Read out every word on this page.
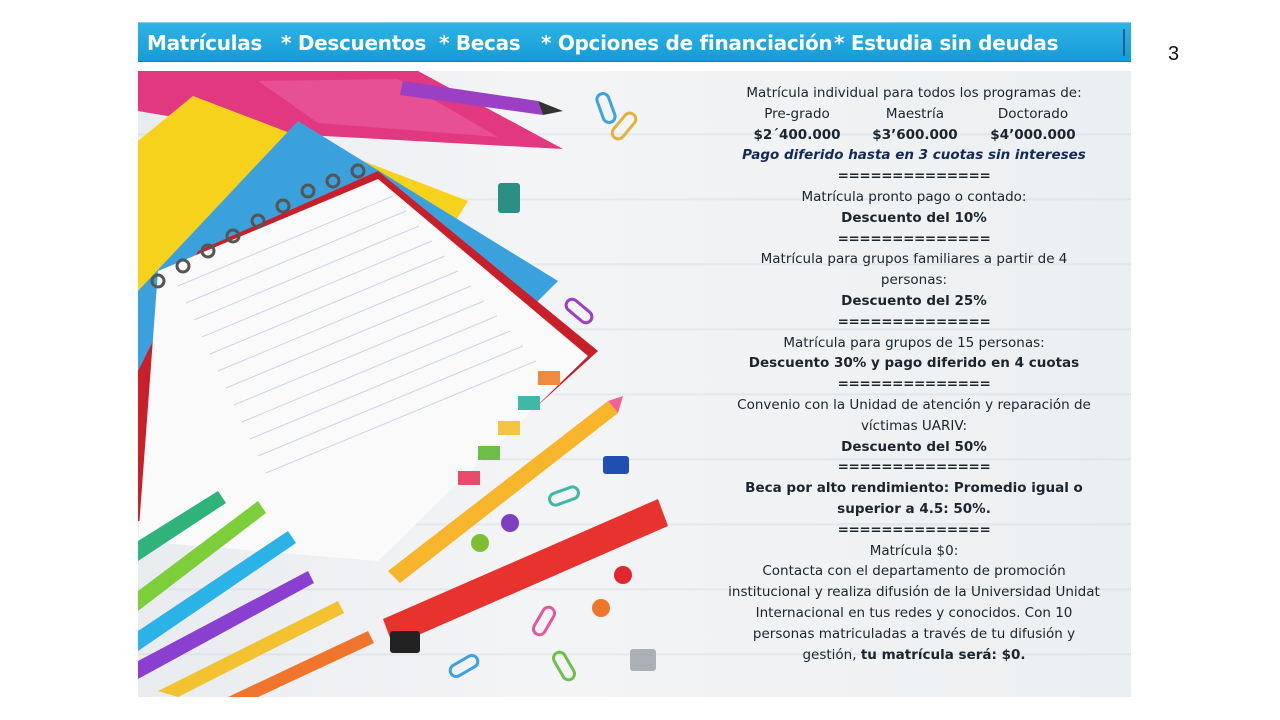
Matrículas * Descuentos * Becas * Opciones de financiación * Estudia sin deudas	3
Matrícula individual para todos los programas de:
Pre-grado	Maestría	Doctorado
$2´400.000	$3’600.000	$4’000.000
Pago diferido hasta en 3 cuotas sin intereses
==============
Matrícula pronto pago o contado:
Descuento del 10%
==============
Matrícula para grupos familiares a partir de 4 personas:
Descuento del 25%
==============
Matrícula para grupos de 15 personas:
Descuento 30% y pago diferido en 4 cuotas
==============
Convenio con la Unidad de atención y reparación de víctimas UARIV:
Descuento del 50%
==============
Beca por alto rendimiento: Promedio igual o superior a 4.5: 50%.
==============
Matrícula $0:
Contacta con el departamento de promoción institucional y realiza difusión de la Universidad Unidat Internacional en tus redes y conocidos. Con 10 personas matriculadas a través de tu difusión y gestión, tu matrícula será: $0.
